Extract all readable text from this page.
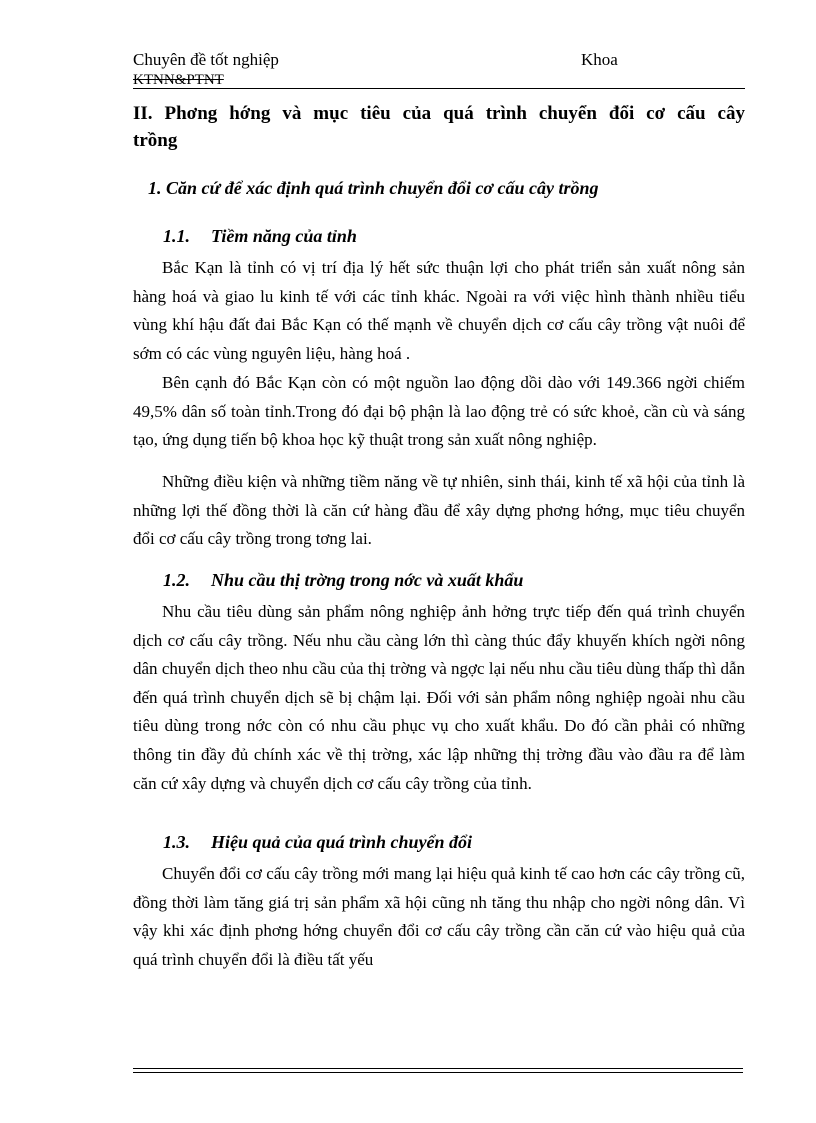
Chuyên đề tốt nghiệp	Khoa
KTNN&PTNT
II. Phơng hớng và mục tiêu của quá trình chuyển đổi cơ cấu cây
trồng
1. Căn cứ để xác định quá trình chuyển đổi cơ cấu cây trồng
1.1. Tiềm năng của tỉnh

Bắc Kạn là tỉnh có vị trí địa lý hết sức thuận lợi cho phát triển sản xuất nông sản hàng hoá và giao lu kinh tế với các tỉnh khác. Ngoài ra với việc hình thành nhiều tiểu vùng khí hậu đất đai Bắc Kạn có thế mạnh về chuyển dịch cơ cấu cây trồng vật nuôi để sớm có các vùng nguyên liệu, hàng hoá .

Bên cạnh đó Bắc Kạn còn có một nguồn lao động dồi dào với 149.366 ngời chiếm 49,5% dân số toàn tỉnh.Trong đó đại bộ phận là lao động trẻ có sức khoẻ, cần cù và sáng tạo, ứng dụng tiến bộ khoa học kỹ thuật trong sản xuất nông nghiệp.

Những điều kiện và những tiềm năng về tự nhiên, sinh thái, kinh tế xã hội của tỉnh là những lợi thế đồng thời là căn cứ hàng đầu để xây dựng phơng hớng, mục tiêu chuyển đổi cơ cấu cây trồng trong tơng lai.

1.2. Nhu cầu thị trờng trong nớc và xuất khẩu

Nhu cầu tiêu dùng sản phẩm nông nghiệp ảnh hởng trực tiếp đến quá trình chuyển dịch cơ cấu cây trồng. Nếu nhu cầu càng lớn thì càng thúc đẩy khuyến khích ngời nông dân chuyển dịch theo nhu cầu của thị trờng và ngợc lại nếu nhu cầu tiêu dùng thấp thì dẫn đến quá trình chuyển dịch sẽ bị chậm lại. Đối với sản phẩm nông nghiệp ngoài nhu cầu tiêu dùng trong nớc còn có nhu cầu phục vụ cho xuất khẩu. Do đó cần phải có những thông tin đầy đủ chính xác về thị trờng, xác lập những thị trờng đầu vào đầu ra để làm căn cứ xây dựng và chuyển dịch cơ cấu cây trồng của tỉnh.

1.3. Hiệu quả của quá trình chuyển đổi

Chuyển đổi cơ cấu cây trồng mới mang lại hiệu quả kinh tế cao hơn các cây trồng cũ, đồng thời làm tăng giá trị sản phẩm xã hội cũng nh tăng thu nhập cho ngời nông dân. Vì vậy khi xác định phơng hớng chuyển đổi cơ cấu cây trồng cần căn cứ vào hiệu quả của quá trình chuyển đổi là điều tất yếu
